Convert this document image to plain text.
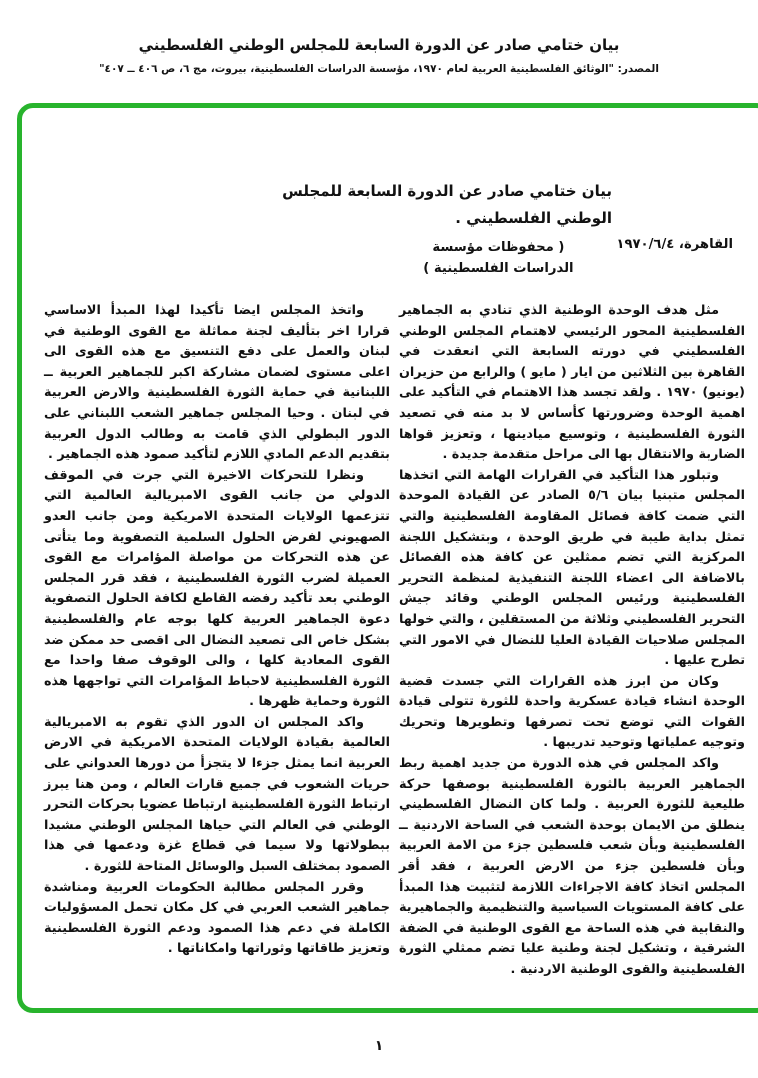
بيان ختامي صادر عن الدورة السابعة للمجلس الوطني الفلسطيني
المصدر: "الوثائق الفلسطينية العربية لعام ١٩٧٠، مؤسسة الدراسات الفلسطينية، بيروت، مج ٦، ص ٤٠٦ ــ ٤٠٧"
بيان ختامي صادر عن الدورة السابعة للمجلس الوطني الفلسطيني .
القاهرة، ١٩٧٠/٦/٤
( محفوظات مؤسسة الدراسات الفلسطينية )

مثل هدف الوحدة الوطنية الذي تنادي به الجماهير الفلسطينية المحور الرئيسي لاهتمام المجلس الوطني الفلسطيني في دورته السابعة التي انعقدت في القاهرة بين الثلاثين من ايار ( مايو ) والرابع من حزيران (يونيو) ١٩٧٠ . ولقد تجسد هذا الاهتمام في التأكيد على اهمية الوحدة وضرورتها كأساس لا بد منه في تصعيد الثورة الفلسطينية ، وتوسيع ميادينها ، وتعزيز قواها الضاربة والانتقال بها الى مراحل متقدمة جديدة .

وتبلور هذا التأكيد في القرارات الهامة التي اتخذها المجلس متبنيا بيان ٥/٦ الصادر عن القيادة الموحدة التي ضمت كافة فصائل المقاومة الفلسطينية والتي تمثل بداية طيبة في طريق الوحدة ، وبتشكيل اللجنة المركزية التي تضم ممثلين عن كافة هذه الفصائل بالاضافة الى اعضاء اللجنة التنفيذية لمنظمة التحرير الفلسطينية ورئيس المجلس الوطني وقائد جيش التحرير الفلسطيني وثلاثة من المستقلين ، والتي خولها المجلس صلاحيات القيادة العليا للنضال في الامور التي تطرح عليها .

وكان من ابرز هذه القرارات التي جسدت قضية الوحدة انشاء قيادة عسكرية واحدة للثورة تتولى قيادة القوات التي توضع تحت تصرفها وتطويرها وتحريك وتوجيه عملياتها وتوحيد تدريبها .

واكد المجلس في هذه الدورة من جديد اهمية ربط الجماهير العربية بالثورة الفلسطينية بوصفها حركة طليعية للثورة العربية . ولما كان النضال الفلسطيني ينطلق من الايمان بوحدة الشعب في الساحة الاردنية ــ الفلسطينية وبأن شعب فلسطين جزء من الامة العربية وبأن فلسطين جزء من الارض العربية ، فقد أقر المجلس اتخاذ كافة الاجراءات اللازمة لتثبيت هذا المبدأ على كافة المستويات السياسية والتنظيمية والجماهيرية والنقابية في هذه الساحة مع القوى الوطنية في الضفة الشرقية ، وتشكيل لجنة وطنية عليا تضم ممثلي الثورة الفلسطينية والقوى الوطنية الاردنية .

واتخذ المجلس ايضا تأكيدا لهذا المبدأ الاساسي قرارا اخر بتأليف لجنة مماثلة مع القوى الوطنية في لبنان والعمل على دفع التنسيق مع هذه القوى الى اعلى مستوى لضمان مشاركة اكبر للجماهير العربية ــ اللبنانية في حماية الثورة الفلسطينية والارض العربية في لبنان . وحيا المجلس جماهير الشعب اللبناني على الدور البطولي الذي قامت به وطالب الدول العربية بتقديم الدعم المادي اللازم لتأكيد صمود هذه الجماهير .

ونظرا للتحركات الاخيرة التي جرت في الموقف الدولي من جانب القوى الامبريالية العالمية التي تتزعمها الولايات المتحدة الامريكية ومن جانب العدو الصهيوني لفرض الحلول السلمية التصفوية وما يتأتى عن هذه التحركات من مواصلة المؤامرات مع القوى العميلة لضرب الثورة الفلسطينية ، فقد قرر المجلس الوطني بعد تأكيد رفضه القاطع لكافة الحلول التصفوية دعوة الجماهير العربية كلها بوجه عام والفلسطينية بشكل خاص الى تصعيد النضال الى اقصى حد ممكن ضد القوى المعادية كلها ، والى الوقوف صفا واحدا مع الثورة الفلسطينية لاحباط المؤامرات التي تواجهها هذه الثورة وحماية ظهرها .

واكد المجلس ان الدور الذي تقوم به الامبريالية العالمية بقيادة الولايات المتحدة الامريكية في الارض العربية انما يمثل جزءا لا يتجزأ من دورها العدواني على حريات الشعوب في جميع قارات العالم ، ومن هنا يبرز ارتباط الثورة الفلسطينية ارتباطا عضويا بحركات التحرر الوطني في العالم التي حياها المجلس الوطني مشيدا ببطولاتها ولا سيما في قطاع غزة ودعمها في هذا الصمود بمختلف السبل والوسائل المتاحة للثورة .

وقرر المجلس مطالبة الحكومات العربية ومناشدة جماهير الشعب العربي في كل مكان تحمل المسؤوليات الكاملة في دعم هذا الصمود ودعم الثورة الفلسطينية وتعزيز طاقاتها وثوراتها وامكاناتها .

١
